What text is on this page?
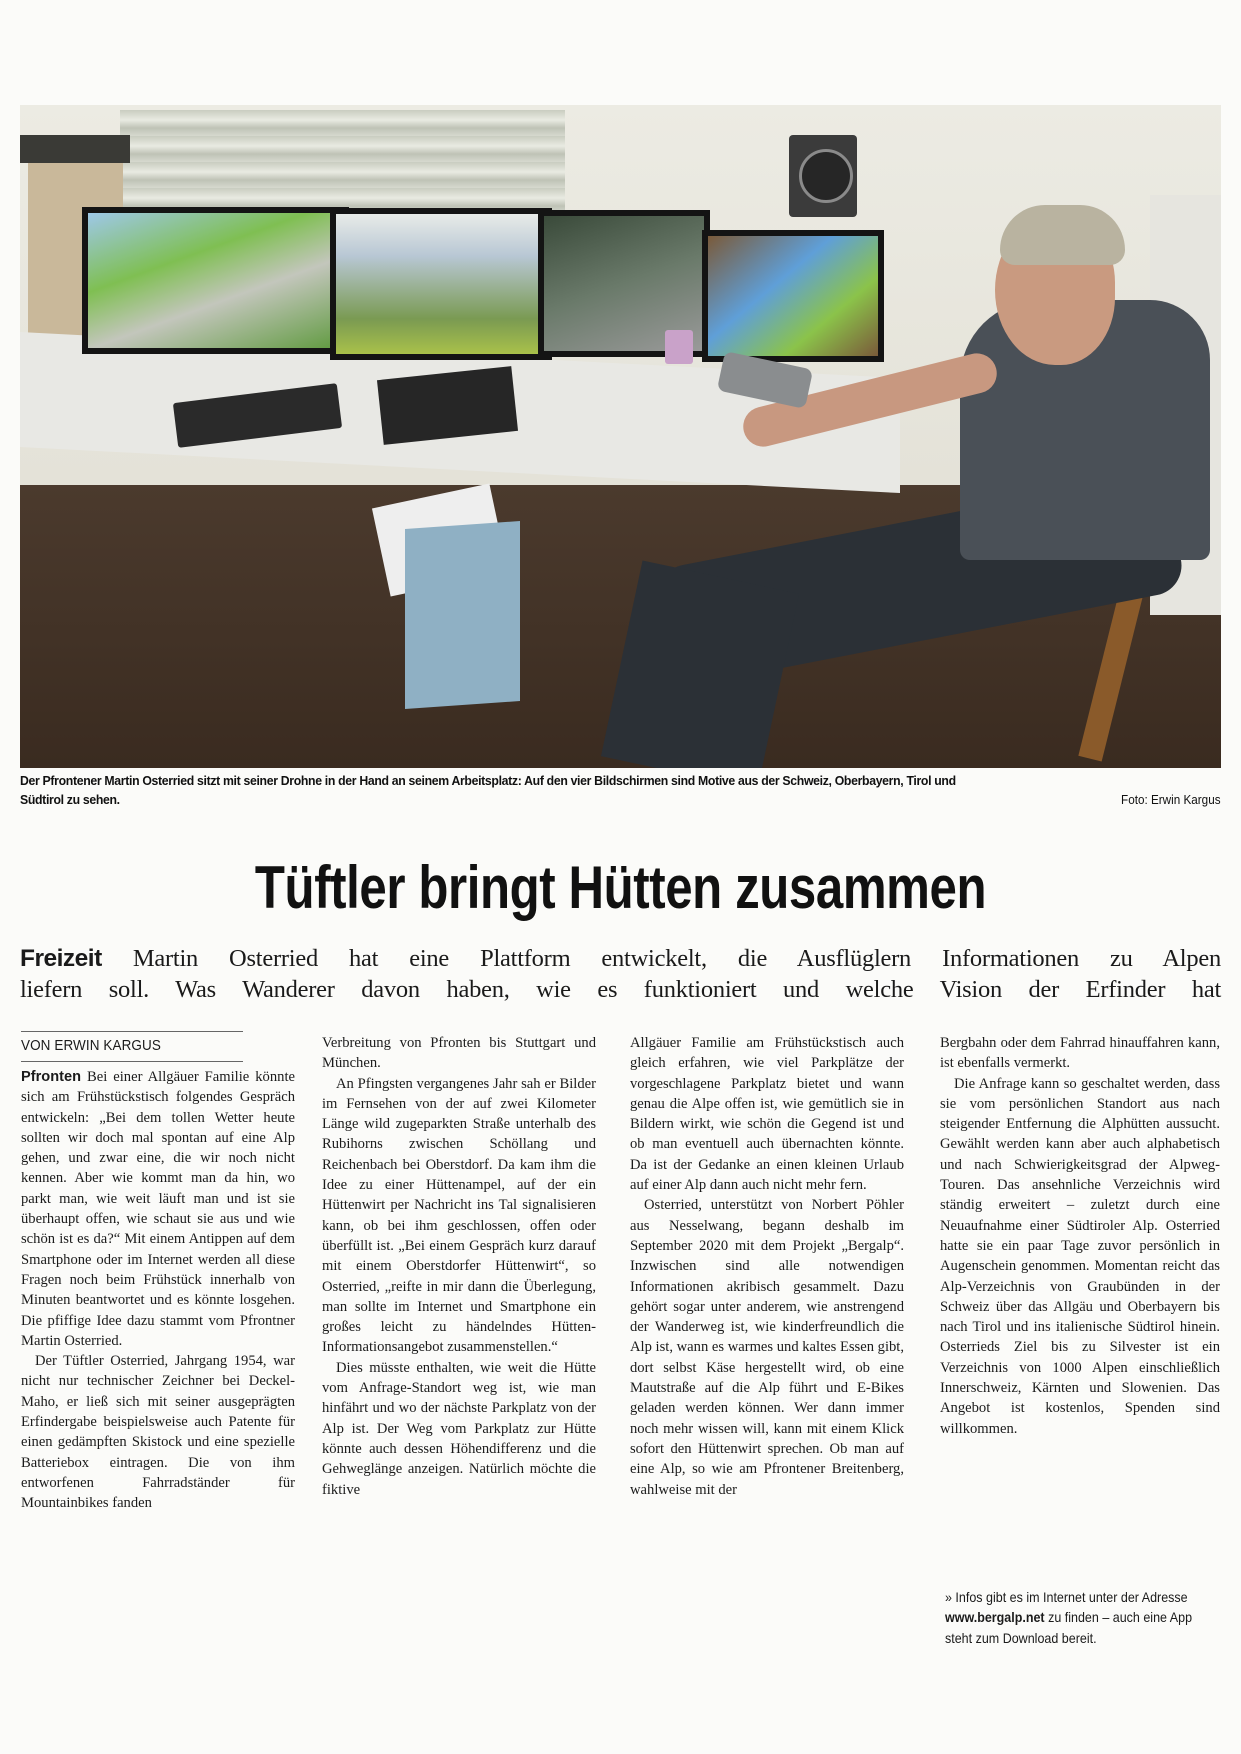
Der Pfrontener Martin Osterried sitzt mit seiner Drohne in der Hand an seinem Arbeitsplatz: Auf den vier Bildschirmen sind Motive aus der Schweiz, Oberbayern, Tirol und
Südtirol zu sehen.	Foto: Erwin Kargus
Tüftler bringt Hütten zusammen
Freizeit Martin Osterried hat eine Plattform entwickelt, die Ausflüglern Informationen zu Alpen
liefern soll. Was Wanderer davon haben, wie es funktioniert und welche Vision der Erfinder hat
VON ERWIN KARGUS

Pfronten Bei einer Allgäuer Familie könnte sich am Frühstückstisch folgendes Gespräch entwickeln: „Bei dem tollen Wetter heute sollten wir doch mal spontan auf eine Alp gehen, und zwar eine, die wir noch nicht kennen. Aber wie kommt man da hin, wo parkt man, wie weit läuft man und ist sie überhaupt offen, wie schaut sie aus und wie schön ist es da?“ Mit einem Antippen auf dem Smartphone oder im Internet werden all diese Fragen noch beim Frühstück innerhalb von Minuten beantwortet und es könnte losgehen. Die pfiffige Idee dazu stammt vom Pfrontner Martin Osterried.

Der Tüftler Osterried, Jahrgang 1954, war nicht nur technischer Zeichner bei Deckel-Maho, er ließ sich mit seiner ausgeprägten Erfindergabe beispielsweise auch Patente für einen gedämpften Skistock und eine spezielle Batteriebox eintragen. Die von ihm entworfenen Fahrradständer für Mountainbikes fanden

Verbreitung von Pfronten bis Stuttgart und München.

An Pfingsten vergangenes Jahr sah er Bilder im Fernsehen von der auf zwei Kilometer Länge wild zugeparkten Straße unterhalb des Rubihorns zwischen Schöllang und Reichenbach bei Oberstdorf. Da kam ihm die Idee zu einer Hüttenampel, auf der ein Hüttenwirt per Nachricht ins Tal signalisieren kann, ob bei ihm geschlossen, offen oder überfüllt ist. „Bei einem Gespräch kurz darauf mit einem Oberstdorfer Hüttenwirt“, so Osterried, „reifte in mir dann die Überlegung, man sollte im Internet und Smartphone ein großes leicht zu händelndes Hütten-Informationsangebot zusammenstellen.“

Dies müsste enthalten, wie weit die Hütte vom Anfrage-Standort weg ist, wie man hinfährt und wo der nächste Parkplatz von der Alp ist. Der Weg vom Parkplatz zur Hütte könnte auch dessen Höhendifferenz und die Gehweglänge anzeigen. Natürlich möchte die fiktive

Allgäuer Familie am Frühstückstisch auch gleich erfahren, wie viel Parkplätze der vorgeschlagene Parkplatz bietet und wann genau die Alpe offen ist, wie gemütlich sie in Bildern wirkt, wie schön die Gegend ist und ob man eventuell auch übernachten könnte. Da ist der Gedanke an einen kleinen Urlaub auf einer Alp dann auch nicht mehr fern.

Osterried, unterstützt von Norbert Pöhler aus Nesselwang, begann deshalb im September 2020 mit dem Projekt „Bergalp“. Inzwischen sind alle notwendigen Informationen akribisch gesammelt. Dazu gehört sogar unter anderem, wie anstrengend der Wanderweg ist, wie kinderfreundlich die Alp ist, wann es warmes und kaltes Essen gibt, dort selbst Käse hergestellt wird, ob eine Mautstraße auf die Alp führt und E-Bikes geladen werden können. Wer dann immer noch mehr wissen will, kann mit einem Klick sofort den Hüttenwirt sprechen. Ob man auf eine Alp, so wie am Pfrontener Breitenberg, wahlweise mit der

Bergbahn oder dem Fahrrad hinauffahren kann, ist ebenfalls vermerkt.

Die Anfrage kann so geschaltet werden, dass sie vom persönlichen Standort aus nach steigender Entfernung die Alphütten aussucht. Gewählt werden kann aber auch alphabetisch und nach Schwierigkeitsgrad der Alpweg-Touren. Das ansehnliche Verzeichnis wird ständig erweitert – zuletzt durch eine Neuaufnahme einer Südtiroler Alp. Osterried hatte sie ein paar Tage zuvor persönlich in Augenschein genommen. Momentan reicht das Alp-Verzeichnis von Graubünden in der Schweiz über das Allgäu und Oberbayern bis nach Tirol und ins italienische Südtirol hinein. Osterrieds Ziel bis zu Silvester ist ein Verzeichnis von 1000 Alpen einschließlich Innerschweiz, Kärnten und Slowenien. Das Angebot ist kostenlos, Spenden sind willkommen.

» Infos gibt es im Internet unter der Adresse www.bergalp.net zu finden – auch eine App steht zum Download bereit.
